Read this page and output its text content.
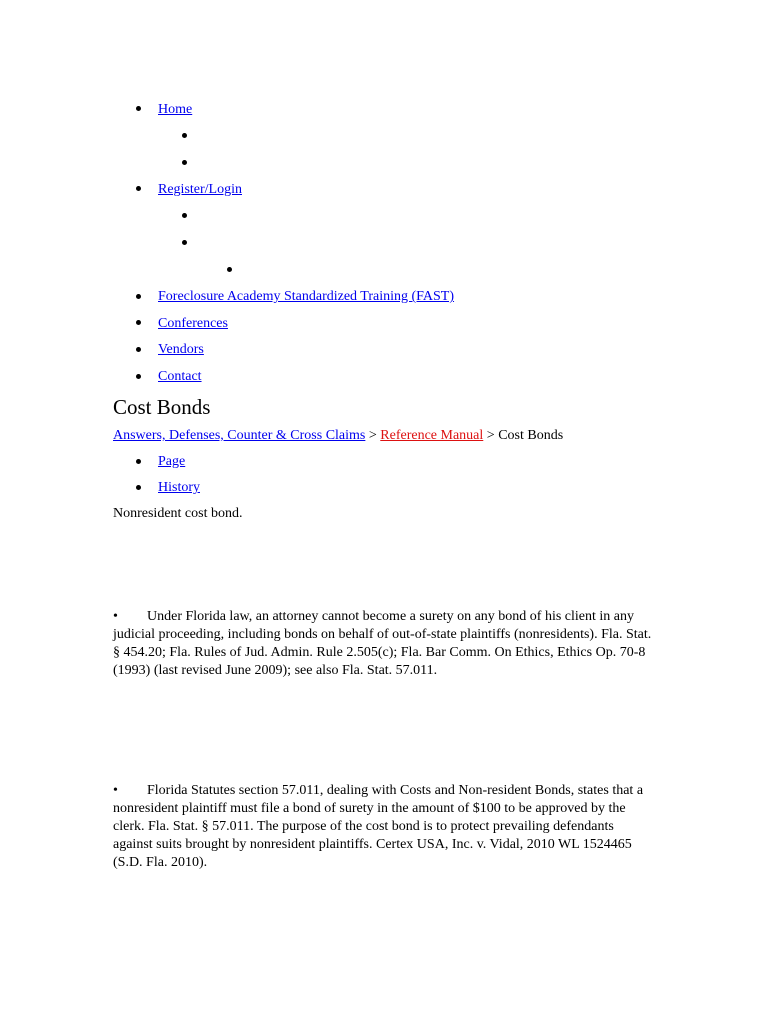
Home
Register/Login
Foreclosure Academy Standardized Training (FAST)
Conferences
Vendors
Contact
Cost Bonds
Answers, Defenses, Counter & Cross Claims > Reference Manual > Cost Bonds
Page
History
Nonresident cost bond.
• Under Florida law, an attorney cannot become a surety on any bond of his client in any judicial proceeding, including bonds on behalf of out-of-state plaintiffs (nonresidents). Fla. Stat. § 454.20; Fla. Rules of Jud. Admin. Rule 2.505(c); Fla. Bar Comm. On Ethics, Ethics Op. 70-8 (1993) (last revised June 2009); see also Fla. Stat. 57.011.
• Florida Statutes section 57.011, dealing with Costs and Non-resident Bonds, states that a nonresident plaintiff must file a bond of surety in the amount of $100 to be approved by the clerk. Fla. Stat. § 57.011. The purpose of the cost bond is to protect prevailing defendants against suits brought by nonresident plaintiffs. Certex USA, Inc. v. Vidal, 2010 WL 1524465 (S.D. Fla. 2010).
